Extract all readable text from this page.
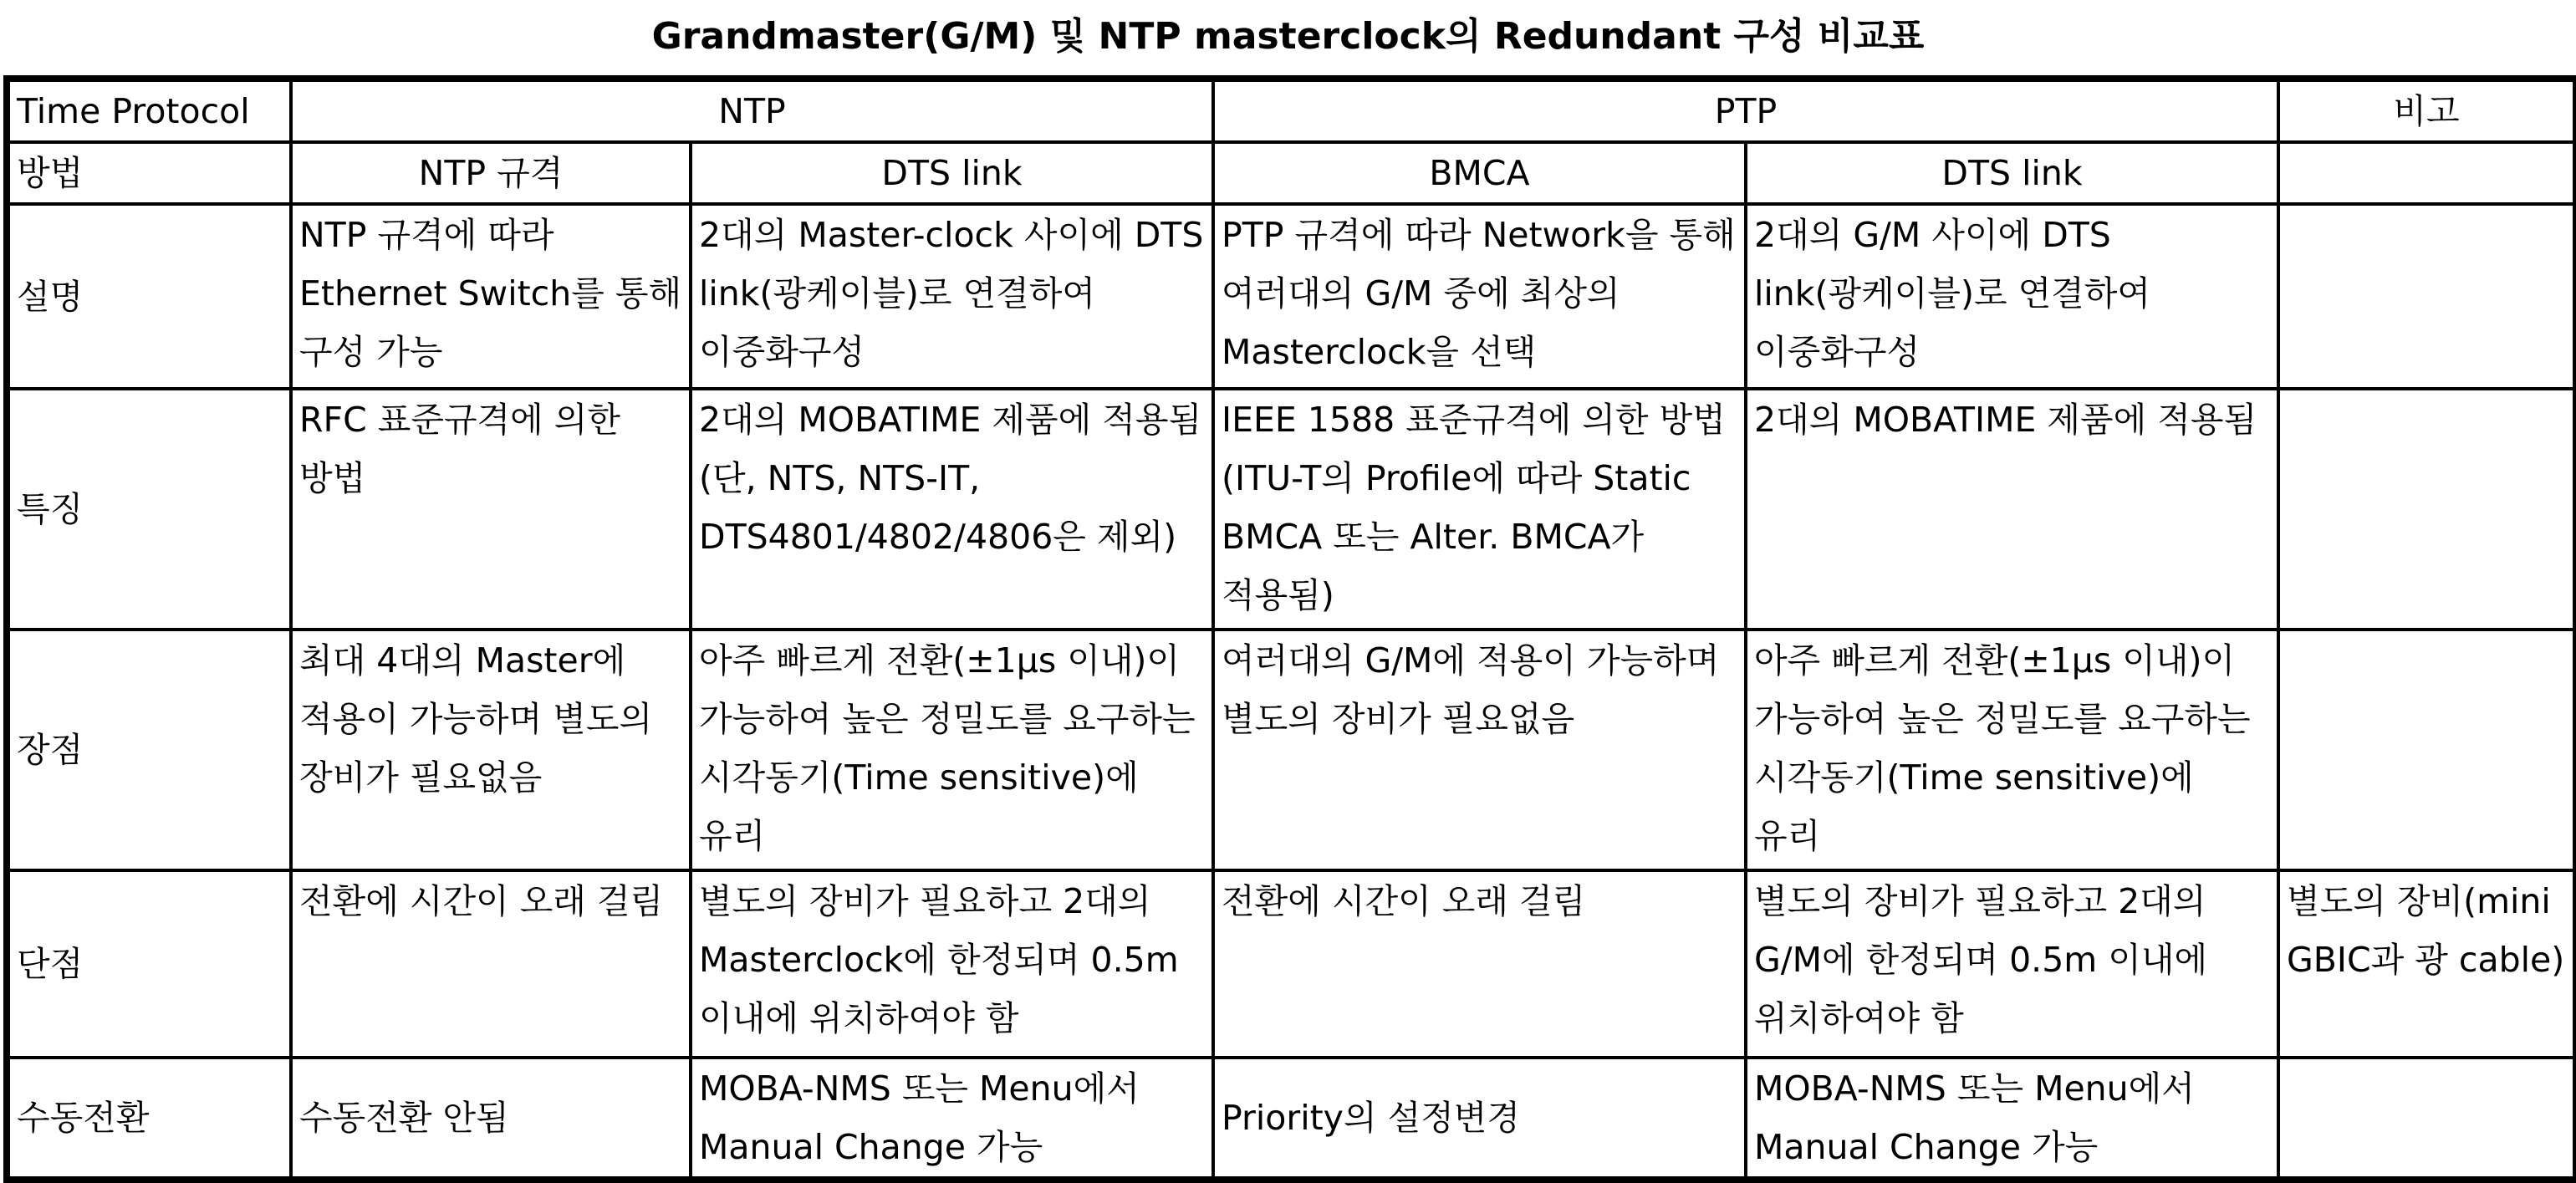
Grandmaster(G/M) 및 NTP masterclock의 Redundant 구성 비교표
Time Protocol	NTP		PTP		비고
방법	NTP 규격	DTS link	BMCA	DTS link	
설명	NTP 규격에 따라 Ethernet Switch를 통해 구성 가능	2대의 Master-clock 사이에 DTS link(광케이블)로 연결하여 이중화구성	PTP 규격에 따라 Network을 통해 여러대의 G/M 중에 최상의 Masterclock을 선택	2대의 G/M 사이에 DTS link(광케이블)로 연결하여 이중화구성	
특징	RFC 표준규격에 의한 방법	2대의 MOBATIME 제품에 적용됨(단, NTS, NTS-IT, DTS4801/4802/4806은 제외)	IEEE 1588 표준규격에 의한 방법(ITU-T의 Profile에 따라 Static BMCA 또는 Alter. BMCA가 적용됨)	2대의 MOBATIME 제품에 적용됨	
장점	최대 4대의 Master에 적용이 가능하며 별도의 장비가 필요없음	아주 빠르게 전환(±1µs 이내)이 가능하여 높은 정밀도를 요구하는 시각동기(Time sensitive)에 유리	여러대의 G/M에 적용이 가능하며 별도의 장비가 필요없음	아주 빠르게 전환(±1µs 이내)이 가능하여 높은 정밀도를 요구하는 시각동기(Time sensitive)에 유리	
단점	전환에 시간이 오래 걸림	별도의 장비가 필요하고 2대의 Masterclock에 한정되며 0.5m 이내에 위치하여야 함	전환에 시간이 오래 걸림	별도의 장비가 필요하고 2대의 G/M에 한정되며 0.5m 이내에 위치하여야 함	별도의 장비(mini GBIC과 광 cable)
수동전환	수동전환 안됨	MOBA-NMS 또는 Menu에서 Manual Change 가능	Priority의 설정변경	MOBA-NMS 또는 Menu에서 Manual Change 가능	
